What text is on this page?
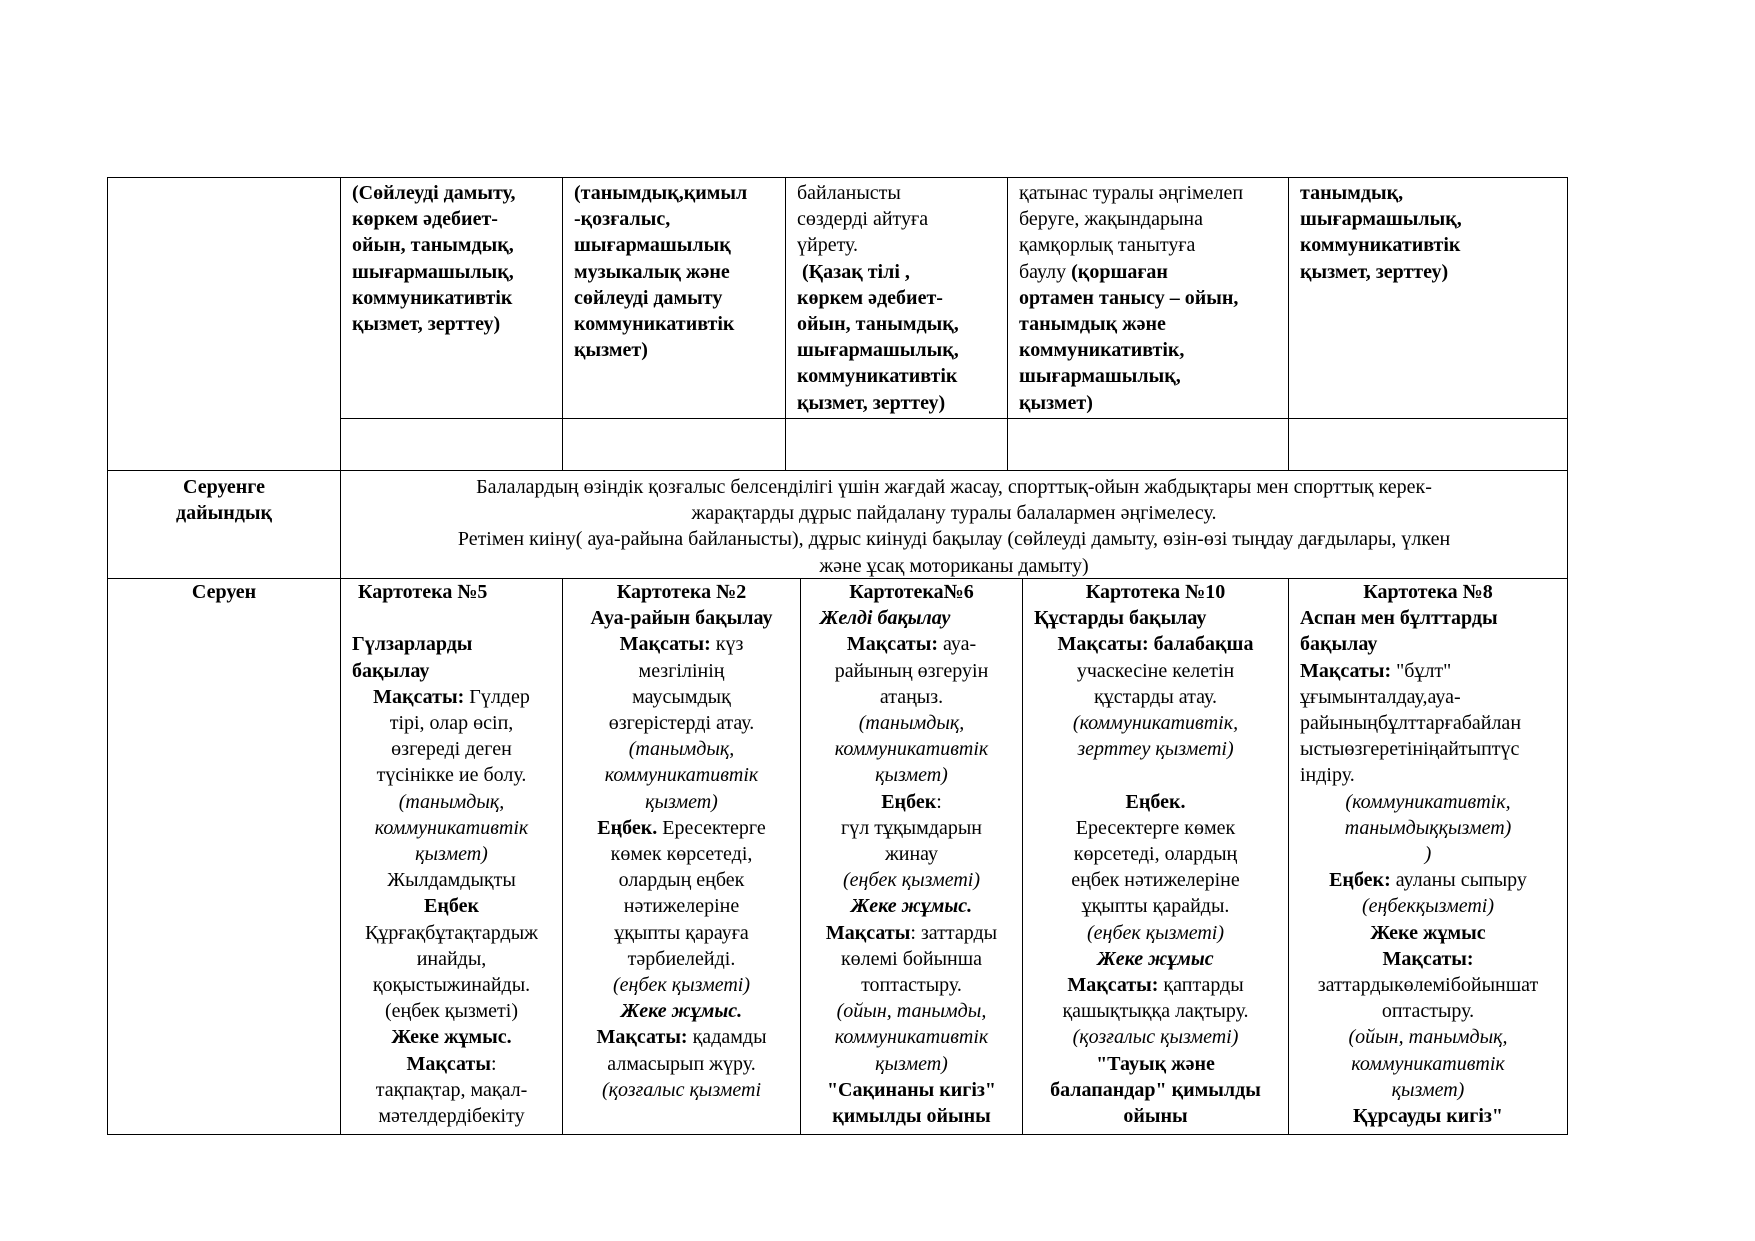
(Сөйлеуді дамыту,
көркем әдебиет-
ойын, танымдық,
шығармашылық,
коммуникативтік
қызмет, зерттеу)
(танымдық,қимыл
-қозғалыс,
шығармашылық
музыкалық және
сөйлеуді дамыту
коммуникативтік
қызмет)
байланысты
сөздерді айтуға
үйрету.
(Қазақ тілі ,
көркем әдебиет-
ойын, танымдық,
шығармашылық,
коммуникативтік
қызмет, зерттеу)
қатынас туралы әңгімелеп
беруге, жақындарына
қамқорлық танытуға
баулу (қоршаған
ортамен танысу – ойын,
танымдық және
коммуникативтік,
шығармашылық,
қызмет)
танымдық,
шығармашылық,
коммуникативтік
қызмет, зерттеу)
Серуенге
дайындық
Балалардың өзіндік қозғалыс белсенділігі үшін жағдай жасау, спорттық-ойын жабдықтары мен спорттық керек-
жарақтарды дұрыс пайдалану туралы балалармен әңгімелесу.
Ретімен киіну( ауа-райына байланысты), дұрыс киінуді бақылау (сөйлеуді дамыту, өзін-өзі тыңдау дағдылары, үлкен
және ұсақ моториканы дамыту)
Серуен	Картотека №5

Гүлзарларды
бақылау
Мақсаты: Гүлдер
тірі, олар өсіп,
өзгереді деген
түсінікке ие болу.
(танымдық,
коммуникативтік
қызмет)
Жылдамдықты
Еңбек
Құрғақбұтақтардыж
инайды,
қоқыстыжинайды.
(еңбек қызметі)
Жеке жұмыс.
Мақсаты:
тақпақтар, мақал-
мәтелдердібекіту
Картотека №2
Ауа-райын бақылау
Мақсаты: күз
мезгілінің
маусымдық
өзгерістерді атау.
(танымдық,
коммуникативтік
қызмет)
Еңбек. Ересектерге
көмек көрсетеді,
олардың еңбек
нәтижелеріне
ұқыпты қарауға
тәрбиелейді.
(еңбек қызметі)
Жеке жұмыс.
Мақсаты: қадамды
алмасырып жүру.
(қозғалыс қызметі
Картотека№6
Желді бақылау
Мақсаты: ауа-
райының өзгеруін
атаңыз.
(танымдық,
коммуникативтік
қызмет)
Еңбек:
гүл тұқымдарын
жинау
(еңбек қызметі)
Жеке жұмыс.
Мақсаты: заттарды
көлемі бойынша
топтастыру.
(ойын, танымды,
коммуникативтік
қызмет)
"Сақинаны кигіз"
қимылды ойыны
Картотека №10
Құстарды бақылау
Мақсаты: балабақша
учаскесіне келетін
құстарды атау.
(коммуникативтік,
зерттеу қызметі)

Еңбек.
Ересектерге көмек
көрсетеді, олардың
еңбек нәтижелеріне
ұқыпты қарайды.
(еңбек қызметі)
Жеке жұмыс
Мақсаты: қаптарды
қашықтыққа лақтыру.
(қозғалыс қызметі)
"Тауық және
балапандар" қимылды
ойыны
Картотека №8
Аспан мен бұлттарды
бақылау
Мақсаты: "бұлт"
ұғымынталдау,ауа-
райыныңбұлттарғабайлан
ыстыөзгеретініңайтыптүс
індіру.
(коммуникативтік,
танымдыққызмет)
)
Еңбек: ауланы сыпыру
(еңбекқызметі)
Жеке жұмыс
Мақсаты:
заттардыкөлемібойыншат
оптастыру.
(ойын, танымдық,
коммуникативтік
қызмет)
Құрсауды кигіз"
